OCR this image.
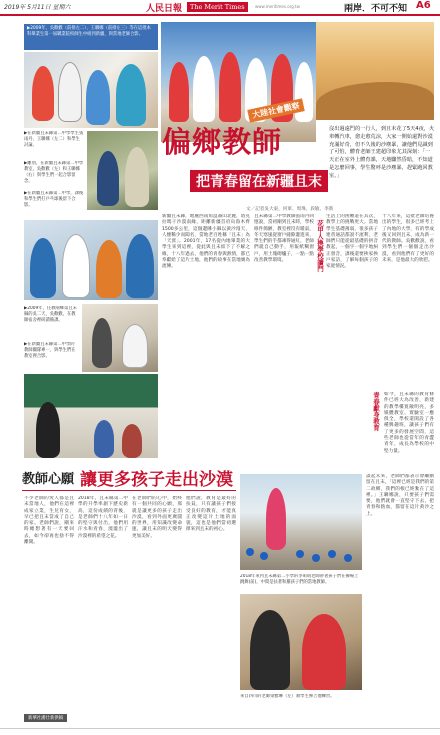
2019年 5月11日 星期六	人民日報	The Merit Times	www.meritimes.org.tw	兩岸．不可不知 A6
▶2009年，吳歡歡（前排左二）、王聯娜（前排左三）等在這批本科畢業生第一屆職業院校師生中組到新疆，與當地老師合影。
▶在新疆且末縣第二中學學生張雨丹、王聯娜（左二）和學生討論。
▶離別，在新疆且末縣第二中學教室，吳歡歡（左）和王聯娜（右）與學生們一起合影留念。
▶在新疆且末縣第二中學，課後和學生們打乒乓球後留下合影。
▶2009年，任教兩鄉第且末縣的吳二天，吳歡歡，在教師宿舍裡研讀備課。
▶在新疆且末縣第二中學的教師團隊專一，與學生們在教室裡合影。
大陸社會觀察
偏鄉教師
把青春留在新疆且末
沒出過遠門的一行人，到且末花了5天4夜，火車轉汽車，愈走愈荒涼，大家一開始還對沙漠充滿好奇，但不久後的沙塵暴，讓他們見識到了可怕，體育老師王建超印象尤其深刻：「一天正在室外上體育課，天地驟然昏暗，不知道是怎麼回事，學生驚呼是沙塵暴，趕緊跑回教室。」
文／記者吳大東、何軍、周瑋、段敏、李新
新疆且末縣，地處西南角崑崙山北麓，塔克拉瑪干沙漠南緣，距離新疆首府烏魯木齊1500多公里，這個邊陲小縣以黃沙漫天、人煙稀少而聞名，當地老百姓稱「且末」為「天涯」。2001年，17名從內地畢業的大學生來到這裡，從此與且末結下了不解之緣，十八年過去，他們的青春與熱情，都已奉獻給了這片土地，他們的故事在當地廣為流傳。
且末縣第二中學教師張雨丹回憶說，當初剛到且末時，學校條件簡陋，教室裡沒有暖氣，冬天寒風從窗戶縫隙灌進來，學生們的手都凍得通紅，老師們就自己動手，用報紙糊窗戶，用土塊砌爐子，一點一點改善教學環境。	花甲人換學校讀門
生活上的困難還在其次，教學上的挑戰更大。當地學生基礎薄弱，很多孩子連普通話都說不流利，老師們只能從最基礎的拼音教起，一個字一個字地糾正發音，課後還要挨家挨戶家訪，了解每個孩子的家庭情況。
十八年來，這批老師培養出的學生，很多已經考上了內地的大學，有的學成後又回到且末，成為新一代的教師。吳歡歡說，看到學生們一個個走出沙漠，看到他們有了更好的未來，是他最大的欣慰。
青春獻身教育 如今，且末縣的教育條件已經大為改善，新建的教學樓寬敞明亮，多媒體教室、實驗室一應俱全，學校還開設了各種興趣班，讓孩子們有了更多的發展空間，這些老師也從當年的青澀青年，成長為學校的中堅力量。
教師心願 讓更多孩子走出沙漠
不少老師的愛人都是且末當地人，他們在這裡成家立業，生兒育女，早已把且末當成了自己的家。老師們說，剛來時總想著有一天要回去，如今卻再也捨不得離開。
2018年，且末縣第二中學的升學率創下歷史新高，這份成績的背後，是老師們十八年如一日的堅守與付出，他們用汗水和青春，澆灌出了沙漠裡的希望之花。
在老師們的心中，始終有一個共同的心願，那就是讓更多的孩子走出沙漠，看到外面更廣闊的世界，用知識改變命運，讓且末的明天變得更加美好。
他們說，教育是最好的扶貧，只有讓孩子們接受良好的教育，才能真正改變這片土地的面貌，這也是他們當初選擇來到且末的初心。
2018年來到且末縣第二小學的李萌萌老師帶著孩子們在操場上跳舞(前)，中間是扶著和羅孩子們的當地教師。
來自四川的老師梁雅琳（左）教學生彈吉他練習。
談起未來，老師們都表示會繼續留在且末，「這裡已經是我們的第二故鄉，我們的根已經紮在了這裡。」王聯娜說，只要孩子們需要，他們就會一直堅守下去，把青春和熱血，都留在這片黃沙之上。
新華社潘仕新供稿
